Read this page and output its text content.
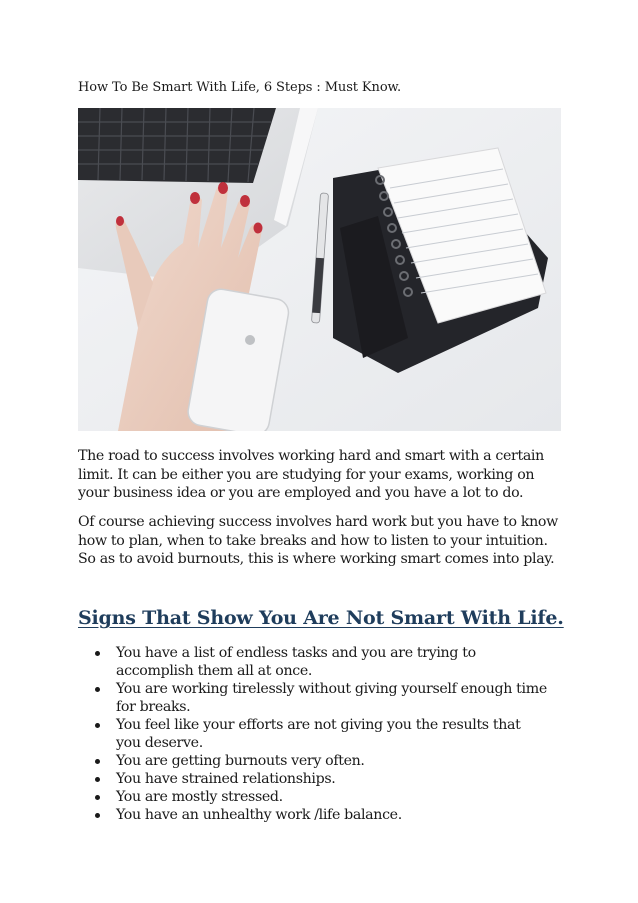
How To Be Smart With Life, 6 Steps : Must Know.

The road to success involves working hard and smart with a certain limit. It can be either you are studying for your exams, working on your business idea or you are employed and you have a lot to do.

Of course achieving success involves hard work but you have to know how to plan, when to take breaks and how to listen to your intuition. So as to avoid burnouts, this is where working smart comes into play.

Signs That Show You Are Not Smart With Life.
You have a list of endless tasks and you are trying to accomplish them all at once.
You are working tirelessly without giving yourself enough time for breaks.
You feel like your efforts are not giving you the results that you deserve.
You are getting burnouts very often.
You have strained relationships.
You are mostly stressed.
You have an unhealthy work /life balance.
